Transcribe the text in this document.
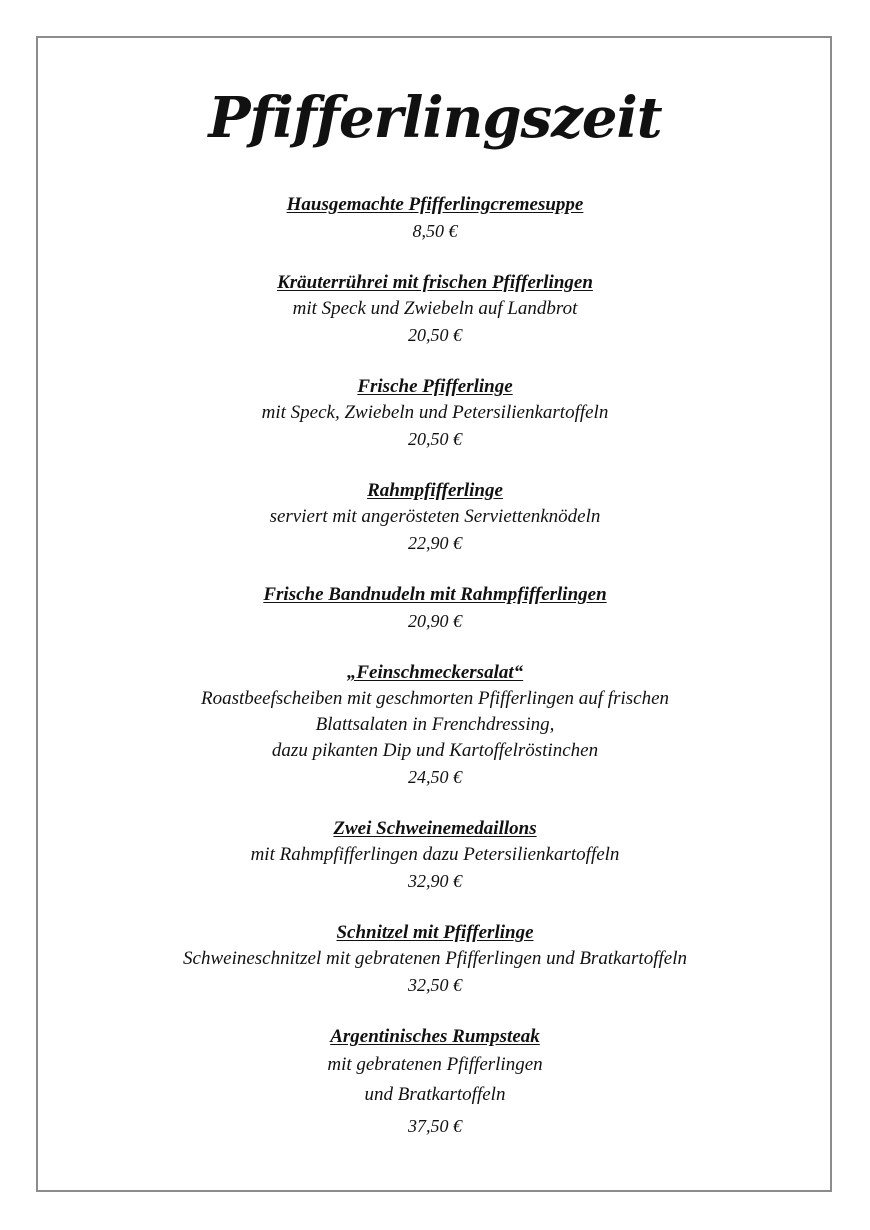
Pfifferlingszeit
Hausgemachte Pfifferlingcremesuppe
8,50 €
Kräuterrührei mit frischen Pfifferlingen
mit Speck und Zwiebeln auf Landbrot
20,50 €
Frische Pfifferlinge
mit Speck, Zwiebeln und Petersilienkartoffeln
20,50 €
Rahmpfifferlinge
serviert mit angerösteten Serviettenknödeln
22,90 €
Frische Bandnudeln mit Rahmpfifferlingen
20,90 €
„Feinschmeckersalat“
Roastbeefscheiben mit geschmorten Pfifferlingen auf frischen
Blattsalaten in Frenchdressing,
dazu pikanten Dip und Kartoffelröstinchen
24,50 €
Zwei Schweinemedaillons
mit Rahmpfifferlingen dazu Petersilienkartoffeln
32,90 €
Schnitzel mit Pfifferlinge
Schweineschnitzel mit gebratenen Pfifferlingen und Bratkartoffeln
32,50 €
Argentinisches Rumpsteak
mit gebratenen Pfifferlingen
und Bratkartoffeln
37,50 €
